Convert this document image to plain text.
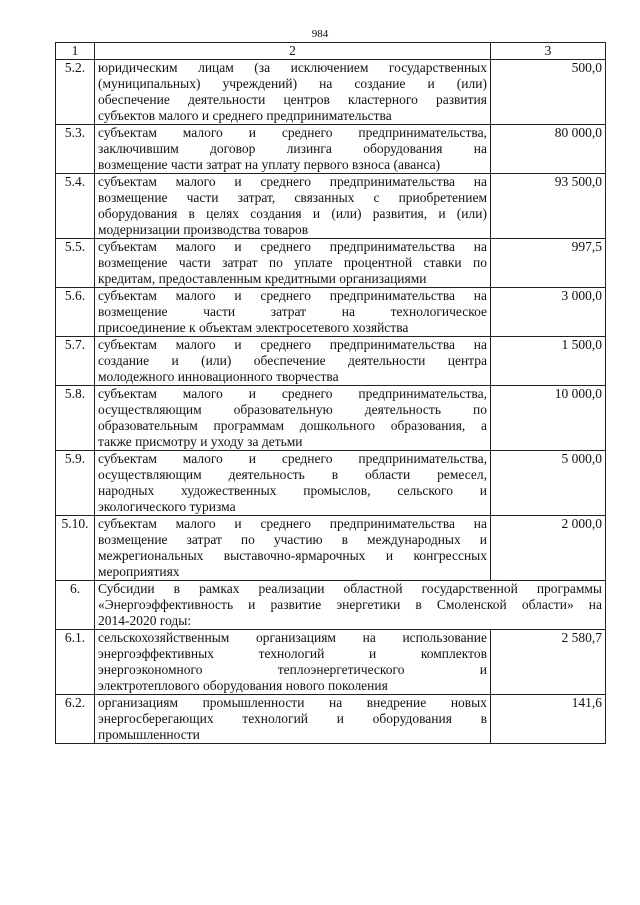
984
1	2	3
5.2.	юридическим лицам (за исключением государственных
(муниципальных) учреждений) на создание и (или)
обеспечение деятельности центров кластерного развития
субъектов малого и среднего предпринимательства	500,0
5.3.	субъектам малого и среднего предпринимательства,
заключившим договор лизинга оборудования на
возмещение части затрат на уплату первого взноса (аванса)	80 000,0
5.4.	субъектам малого и среднего предпринимательства на
возмещение части затрат, связанных с приобретением
оборудования в целях создания и (или) развития, и (или)
модернизации производства товаров	93 500,0
5.5.	субъектам малого и среднего предпринимательства на
возмещение части затрат по уплате процентной ставки по
кредитам, предоставленным кредитными организациями	997,5
5.6.	субъектам малого и среднего предпринимательства на
возмещение части затрат на технологическое
присоединение к объектам электросетевого хозяйства	3 000,0
5.7.	субъектам малого и среднего предпринимательства на
создание и (или) обеспечение деятельности центра
молодежного инновационного творчества	1 500,0
5.8.	субъектам малого и среднего предпринимательства,
осуществляющим образовательную деятельность по
образовательным программам дошкольного образования, а
также присмотру и уходу за детьми	10 000,0
5.9.	субъектам малого и среднего предпринимательства,
осуществляющим деятельность в области ремесел,
народных художественных промыслов, сельского и
экологического туризма	5 000,0
5.10.	субъектам малого и среднего предпринимательства на
возмещение затрат по участию в международных и
межрегиональных выставочно-ярмарочных и конгрессных
мероприятиях	2 000,0
6.	Субсидии в рамках реализации областной государственной программы
«Энергоэффективность и развитие энергетики в Смоленской области» на
2014-2020 годы:	

6.1.	сельскохозяйственным организациям на использование
энергоэффективных технологий и комплектов
энергоэкономного теплоэнергетического и
электротеплового оборудования нового поколения	2 580,7
6.2.	организациям промышленности на внедрение новых
энергосберегающих технологий и оборудования в
промышленности	141,6
